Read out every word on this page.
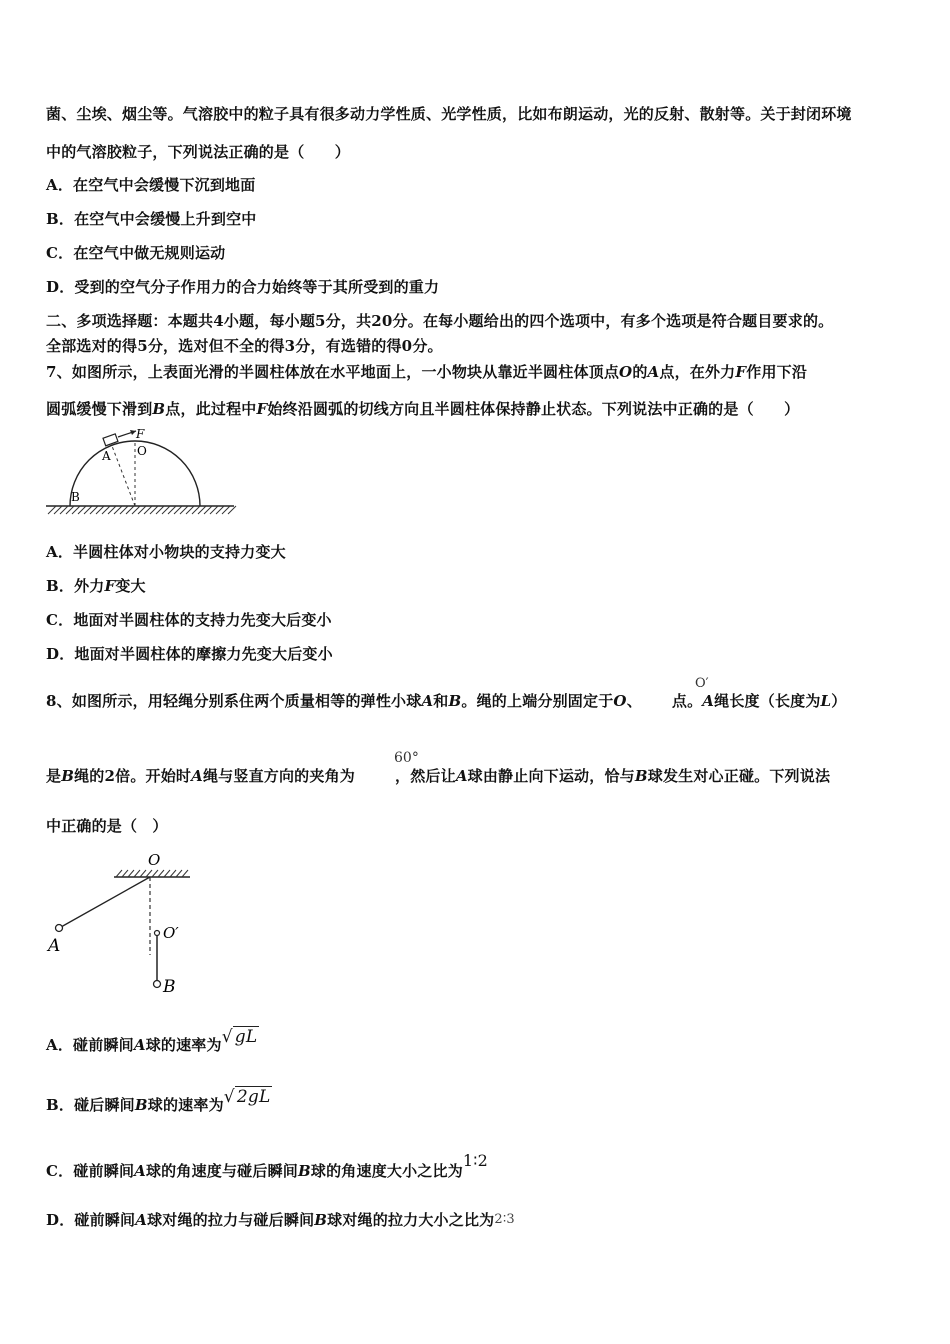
菌、尘埃、烟尘等。气溶胶中的粒子具有很多动力学性质、光学性质，比如布朗运动，光的反射、散射等。关于封闭环境
中的气溶胶粒子，下列说法正确的是（　　）
A．在空气中会缓慢下沉到地面
B．在空气中会缓慢上升到空中
C．在空气中做无规则运动
D．受到的空气分子作用力的合力始终等于其所受到的重力
二、多项选择题：本题共4小题，每小题5分，共20分。在每小题给出的四个选项中，有多个选项是符合题目要求的。
全部选对的得5分，选对但不全的得3分，有选错的得0分。
7、如图所示，上表面光滑的半圆柱体放在水平地面上，一小物块从靠近半圆柱体顶点O的A点，在外力F作用下沿
圆弧缓慢下滑到B点，此过程中F始终沿圆弧的切线方向且半圆柱体保持静止状态。下列说法中正确的是（　　）
F
A O
B
A．半圆柱体对小物块的支持力变大
B．外力F变大
C．地面对半圆柱体的支持力先变大后变小
D．地面对半圆柱体的摩擦力先变大后变小
O′
8、如图所示，用轻绳分别系住两个质量相等的弹性小球A和B。绳的上端分别固定于O、 点。A绳长度（长度为L）
60°
是B绳的2倍。开始时A绳与竖直方向的夹角为	，然后让A球由静止向下运动，恰与B球发生对心正碰。下列说法
中正确的是（　）
O
A
O′
B
A．碰前瞬间A球的速率为√ gL
B．碰后瞬间B球的速率为√ 2gL
C．碰前瞬间A球的角速度与碰后瞬间B球的角速度大小之比为1∶2
D．碰前瞬间A球对绳的拉力与碰后瞬间B球对绳的拉力大小之比为2∶3
